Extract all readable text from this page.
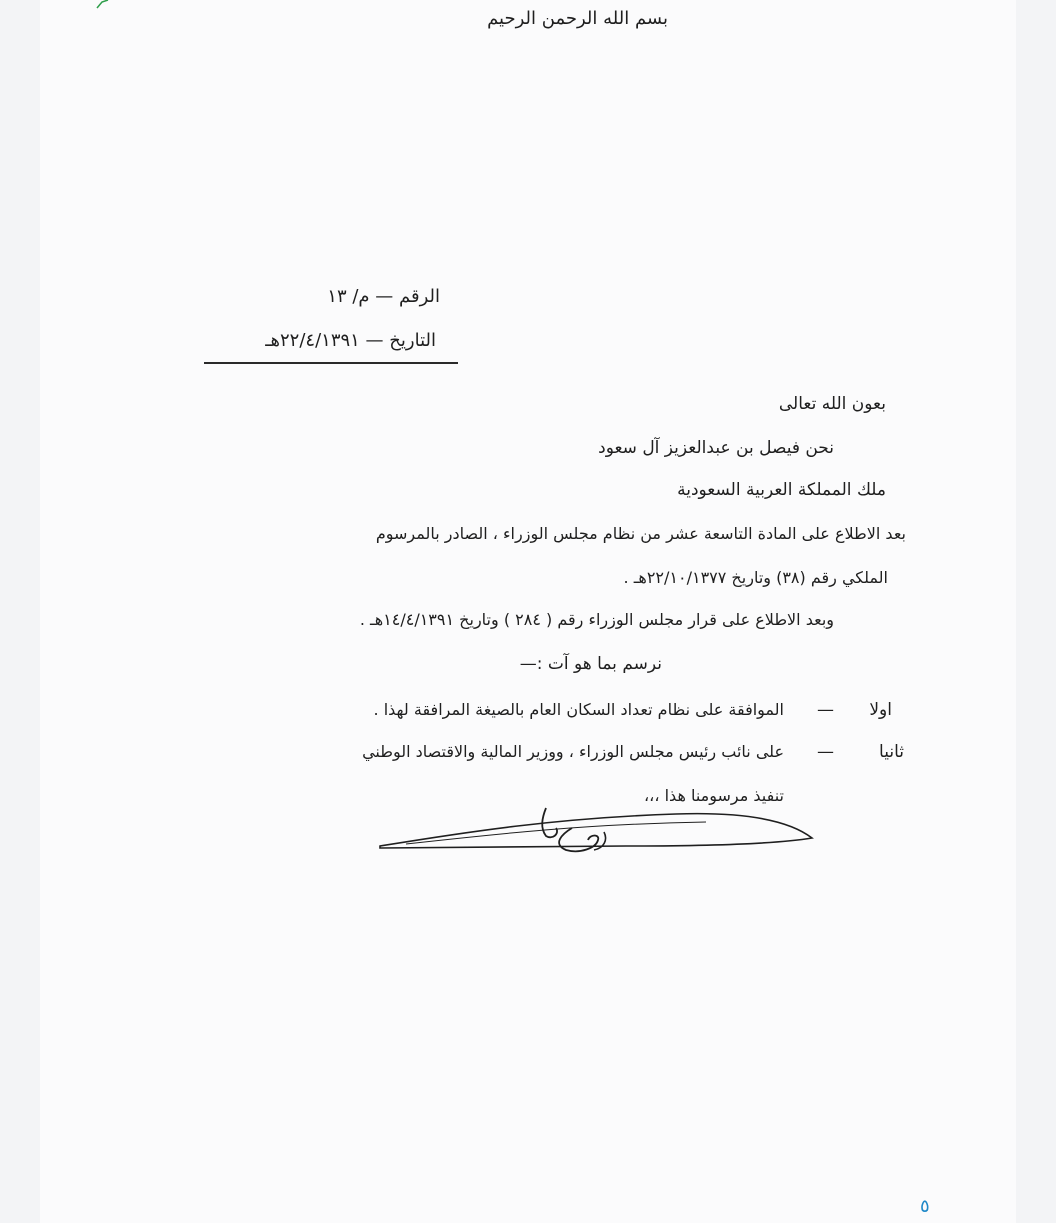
بسم الله الرحمن الرحيم
الرقم — م/ ١٣
التاريخ — ٢٢/٤/١٣٩١هـ
بعون الله تعالى
نحن فيصل بن عبدالعزيز آل سعود
ملك المملكة العربية السعودية
بعد الاطلاع على المادة التاسعة عشر من نظام مجلس الوزراء ، الصادر بالمرسوم
الملكي رقم (٣٨) وتاريخ ٢٢/١٠/١٣٧٧هـ .
وبعد الاطلاع على قرار مجلس الوزراء رقم ( ٢٨٤ ) وتاريخ ١٤/٤/١٣٩١هـ .
نرسم بما هو آت :—
اولا
—
الموافقة على نظام تعداد السكان العام بالصيغة المرافقة لهذا .
ثانيا
—
على نائب رئيس مجلس الوزراء ، ووزير المالية والاقتصاد الوطني
تنفيذ مرسومنا هذا ،،،
٥
